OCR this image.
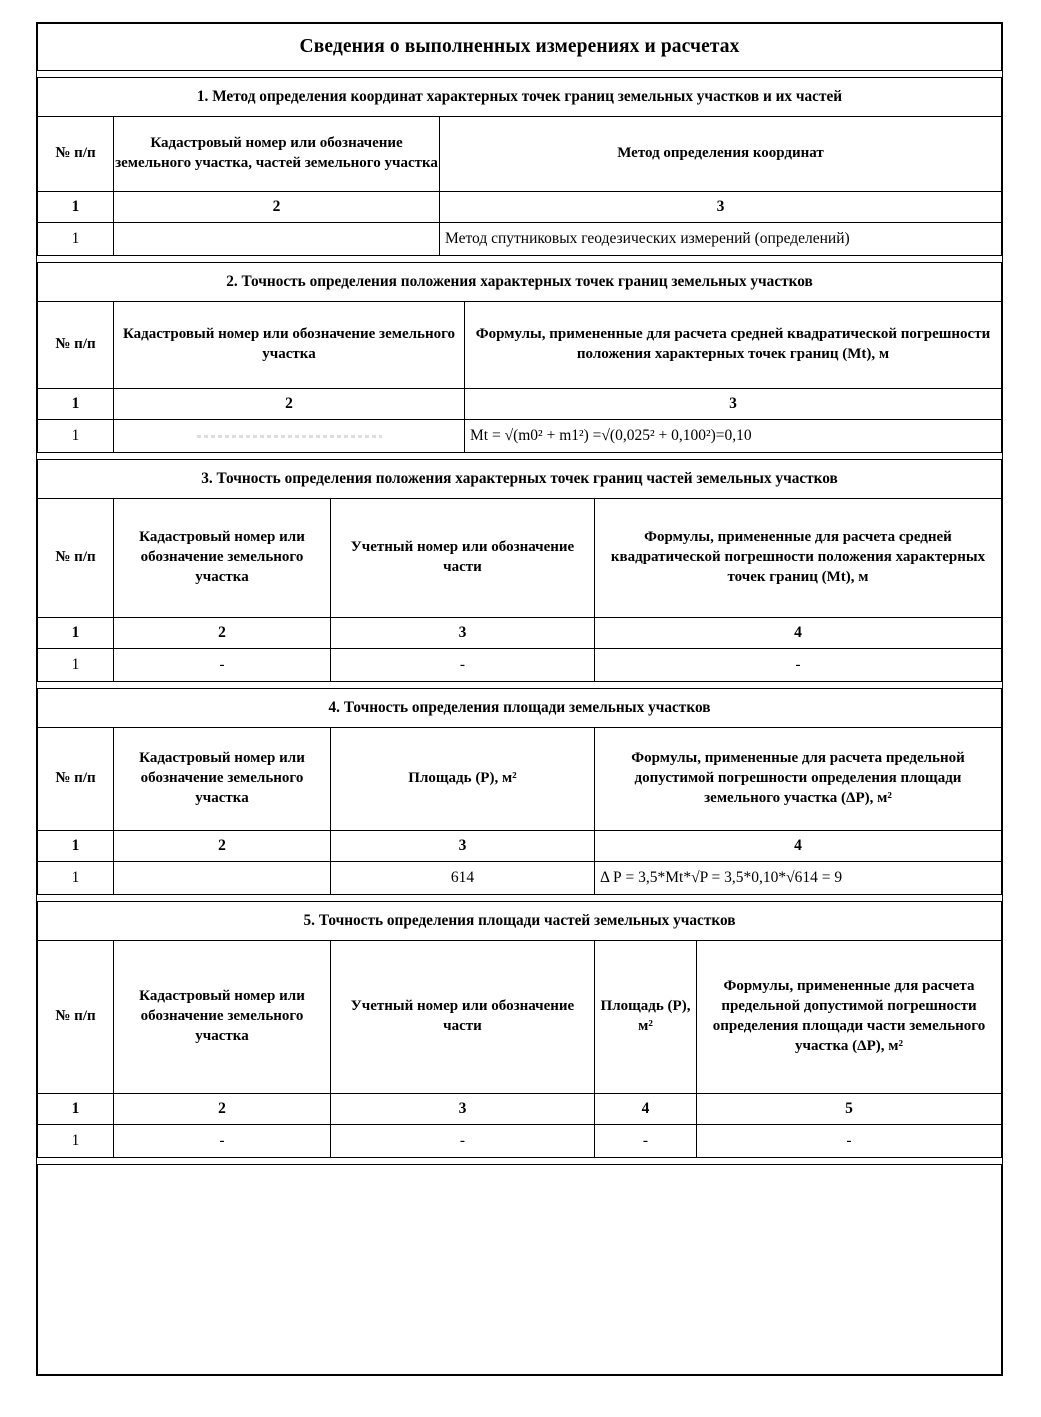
Сведения о выполненных измерениях и расчетах
1. Метод определения координат характерных точек границ земельных участков и их частей		
№ п/п	Кадастровый номер или обозначение земельного участка, частей земельного участка	Метод определения координат
1	2	3
1		Метод спутниковых геодезических измерений (определений)
2. Точность определения положения характерных точек границ земельных участков		
№ п/п	Кадастровый номер или обозначение земельного участка	Формулы, примененные для расчета средней квадратической погрешности положения характерных точек границ (Mt), м
1	2	3
1		Mt = √(m0² + m1²) =√(0,025² + 0,100²)=0,10
3. Точность определения положения характерных точек границ частей земельных участков			
№ п/п	Кадастровый номер или обозначение земельного участка	Учетный номер или обозначение части	Формулы, примененные для расчета средней квадратической погрешности положения характерных точек границ (Mt), м
1	2	3	4
1	-	-	-
4. Точность определения площади земельных участков			
№ п/п	Кадастровый номер или обозначение земельного участка	Площадь (Р), м²	Формулы, примененные для расчета предельной допустимой погрешности определения площади земельного участка (ΔР), м²
1	2	3	4
1		614	Δ Р = 3,5*Mt*√P = 3,5*0,10*√614 = 9
5. Точность определения площади частей земельных участков				
№ п/п	Кадастровый номер или обозначение земельного участка	Учетный номер или обозначение части	Площадь (Р), м²	Формулы, примененные для расчета предельной допустимой погрешности определения площади части земельного участка (ΔР), м²
1	2	3	4	5
1	-	-	-	-
